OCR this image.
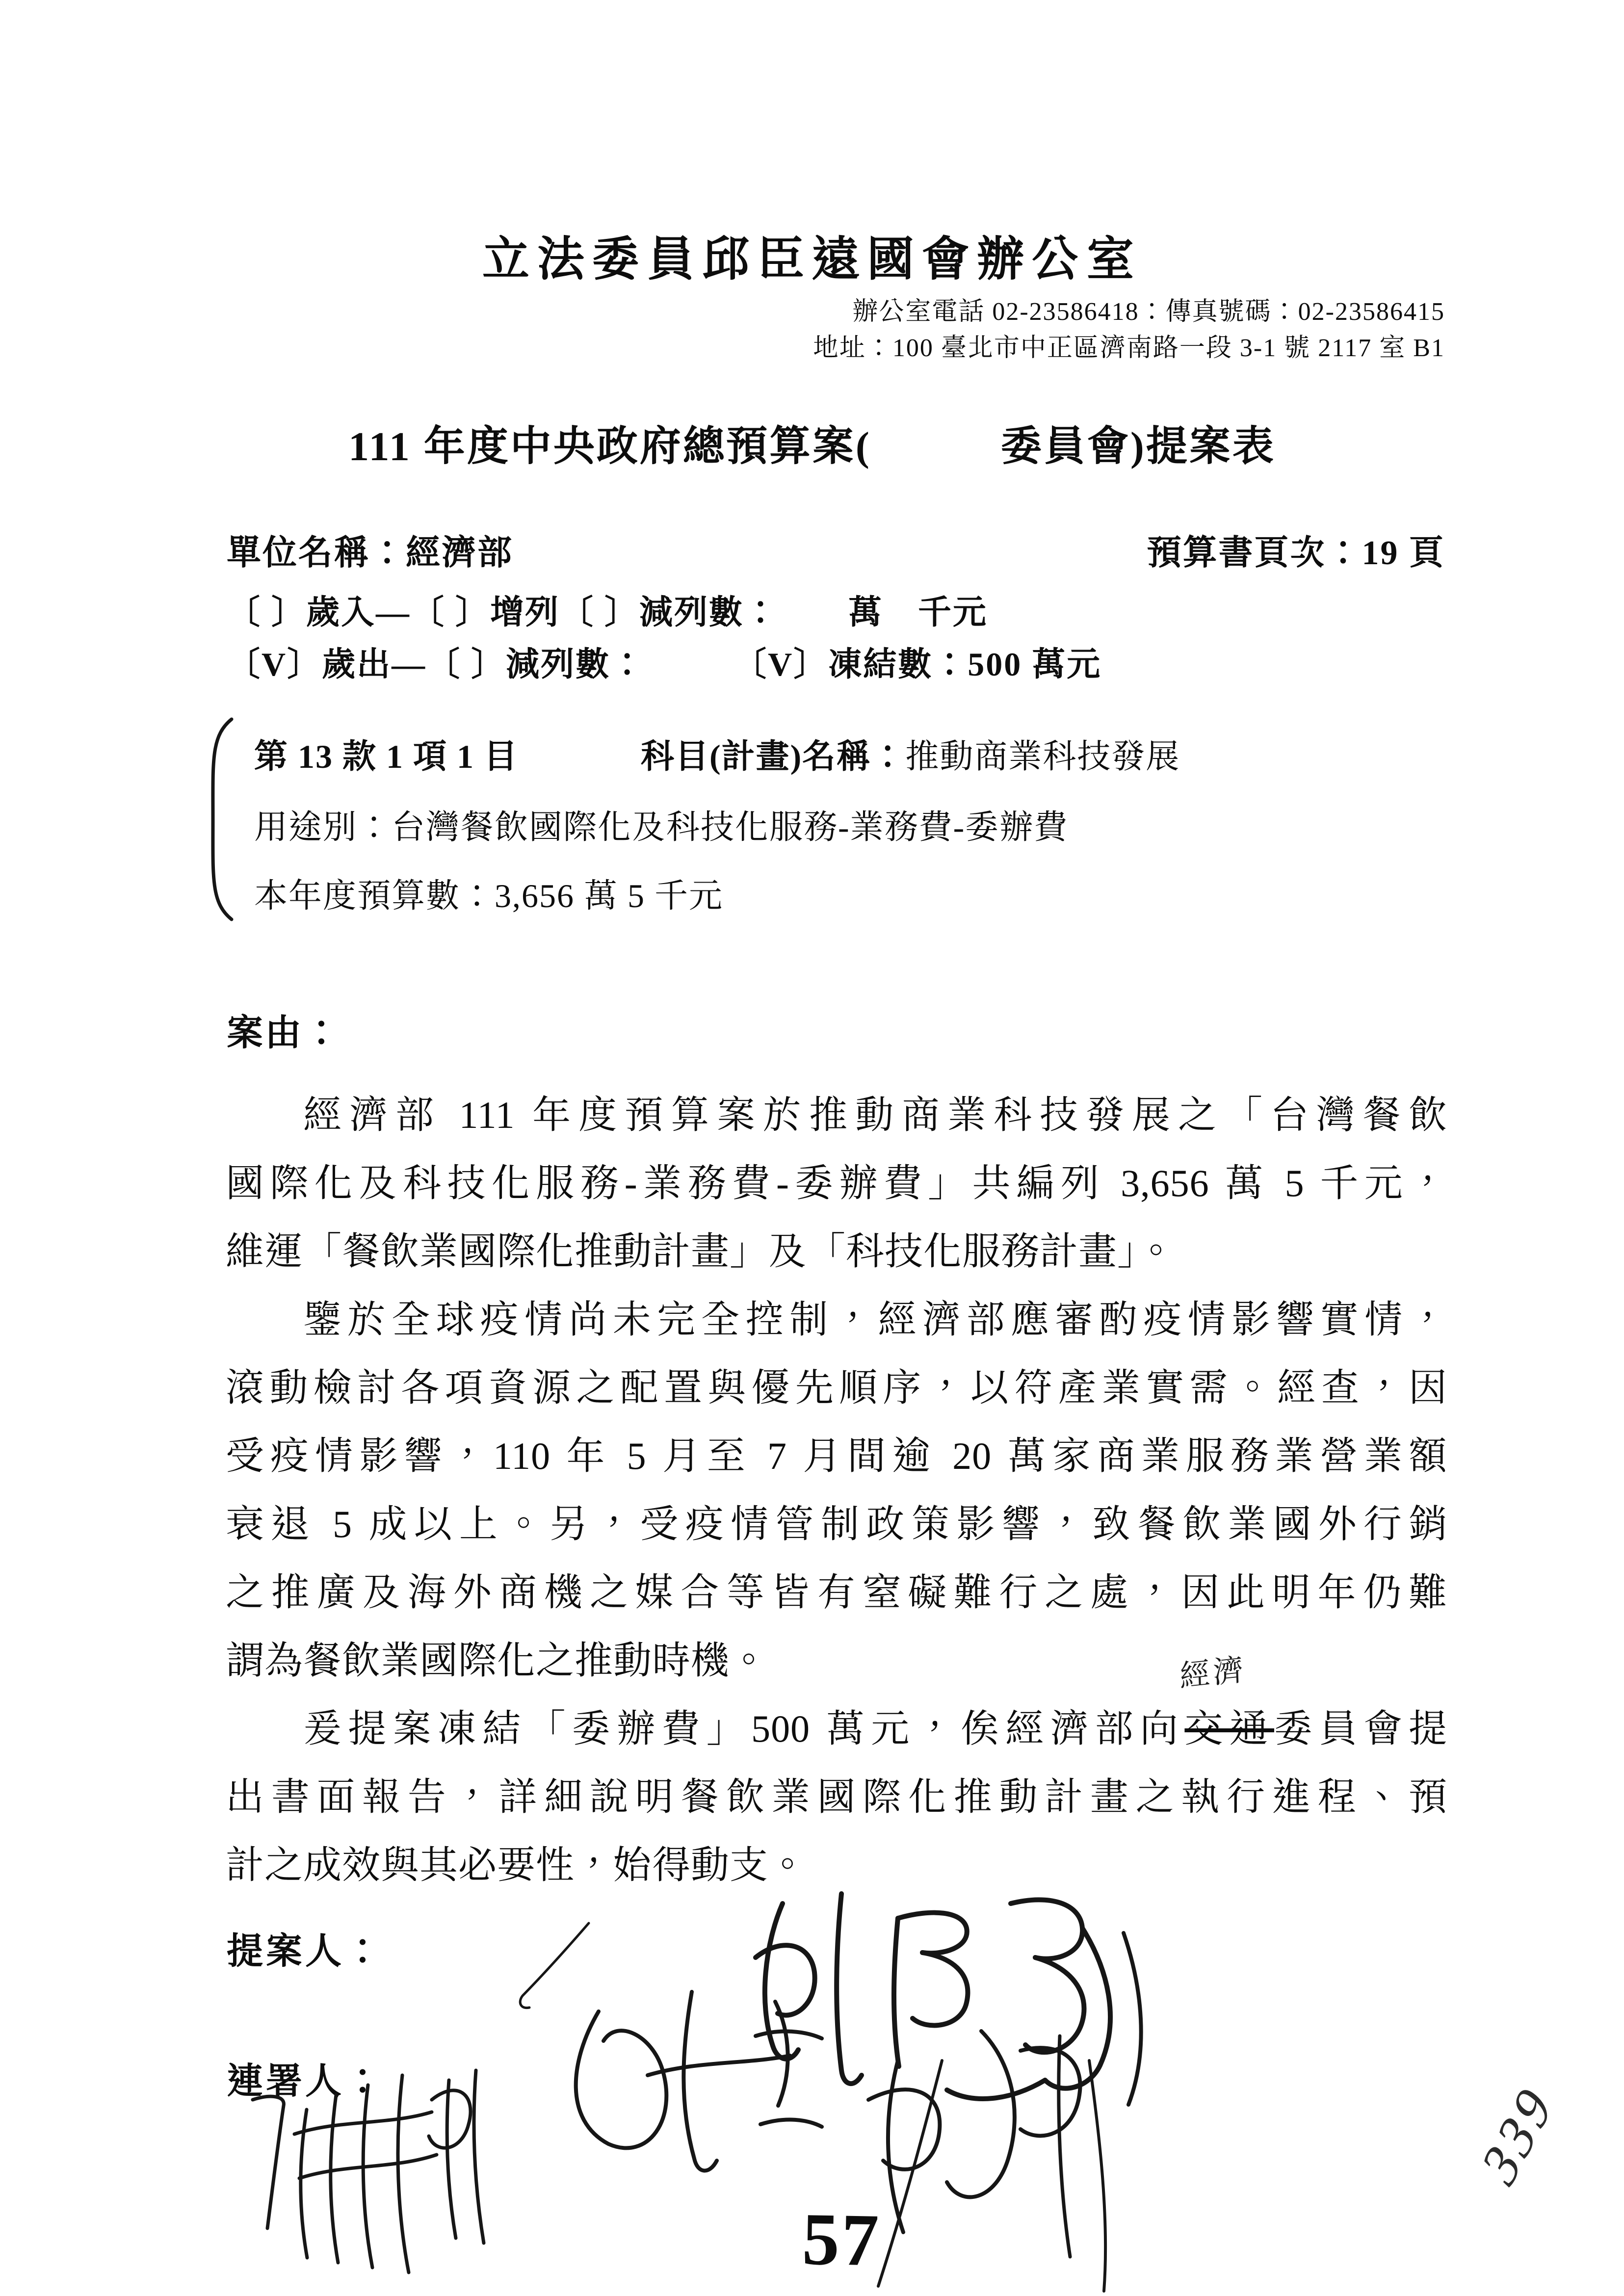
立法委員邱臣遠國會辦公室
辦公室電話 02-23586418：傳真號碼：02-23586415
地址：100 臺北市中正區濟南路一段 3-1 號 2117 室 B1
111 年度中央政府總預算案(　　　委員會)提案表
單位名稱：經濟部	預算書頁次：19 頁
〔 〕歲入—〔 〕增列〔 〕減列數：　　萬　千元
〔V〕歲出—〔 〕減列數：　　　〔V〕凍結數：500 萬元
第 13 款 1 項 1 目	科目(計畫)名稱：推動商業科技發展
用途別：台灣餐飲國際化及科技化服務-業務費-委辦費
本年度預算數：3,656 萬 5 千元
案由：
經濟部 111 年度預算案於推動商業科技發展之「台灣餐飲
國際化及科技化服務-業務費-委辦費」共編列 3,656 萬 5 千元，
維運「餐飲業國際化推動計畫」及「科技化服務計畫」。
鑒於全球疫情尚未完全控制，經濟部應審酌疫情影響實情，
滾動檢討各項資源之配置與優先順序，以符產業實需。經查，因
受疫情影響，110 年 5 月至 7 月間逾 20 萬家商業服務業營業額
衰退 5 成以上。另，受疫情管制政策影響，致餐飲業國外行銷
之推廣及海外商機之媒合等皆有窒礙難行之處，因此明年仍難
謂為餐飲業國際化之推動時機。
爰提案凍結「委辦費」500 萬元，俟經濟部向交通
經濟
委員會提
出書面報告，詳細說明餐飲業國際化推動計畫之執行進程、預
計之成效與其必要性，始得動支。
提案人：
連署人：
57
339
